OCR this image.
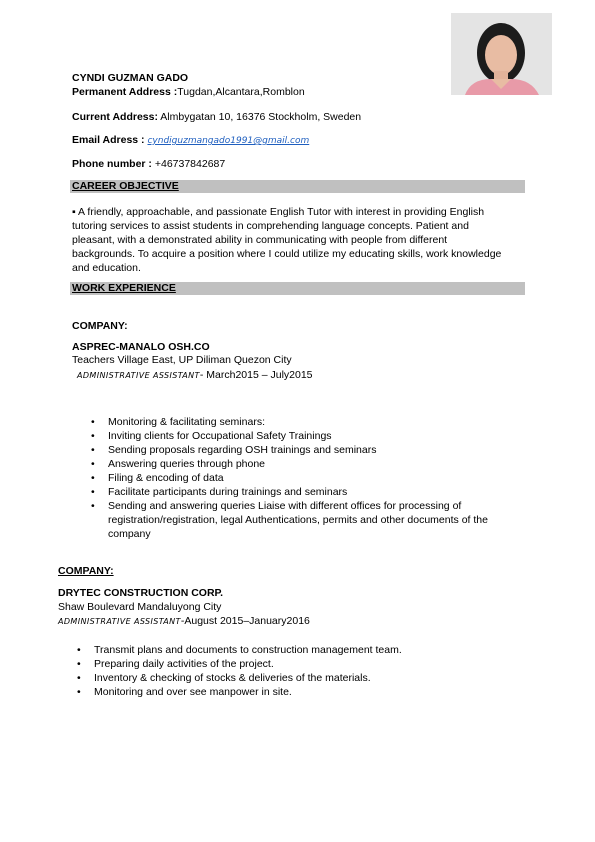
CYNDI GUZMAN GADO
Permanent Address :Tugdan,Alcantara,Romblon
Current Address: Almbygatan 10, 16376 Stockholm, Sweden
Email Adress : cyndiguzmangado1991@gmail.com
Phone number : +46737842687
CAREER OBJECTIVE
▪ A friendly, approachable, and passionate English Tutor with interest in providing English
tutoring services to assist students in comprehending language concepts. Patient and
pleasant, with a demonstrated ability in communicating with people from different
backgrounds. To acquire a position where I could utilize my educating skills, work knowledge
and education.
WORK EXPERIENCE
COMPANY:
ASPREC-MANALO OSH.CO
Teachers Village East, UP Diliman Quezon City
ADMINISTRATIVE ASSISTANT- March2015 – July2015
• Monitoring & facilitating seminars:
• Inviting clients for Occupational Safety Trainings
• Sending proposals regarding OSH trainings and seminars
• Answering queries through phone
• Filing & encoding of data
• Facilitate participants during trainings and seminars
• Sending and answering queries Liaise with different offices for processing of
registration/registration, legal Authentications, permits and other documents of the
company
COMPANY:
DRYTEC CONSTRUCTION CORP.
Shaw Boulevard Mandaluyong City
ADMINISTRATIVE ASSISTANT-August 2015–January2016
• Transmit plans and documents to construction management team.
• Preparing daily activities of the project.
• Inventory & checking of stocks & deliveries of the materials.
• Monitoring and over see manpower in site.
